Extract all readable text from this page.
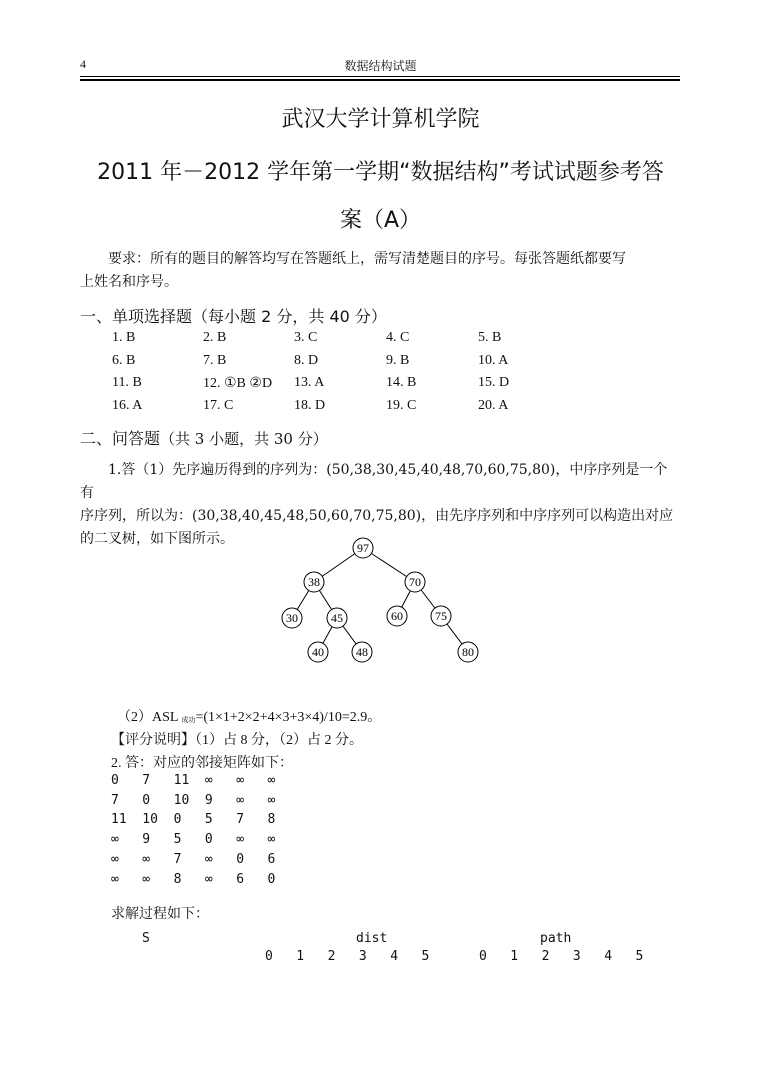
4	数据结构试题
武汉大学计算机学院
2011 年－2012 学年第一学期“数据结构”考试试题参考答
案（A）
要求：所有的题目的解答均写在答题纸上，需写清楚题目的序号。每张答题纸都要写
上姓名和序号。
一、单项选择题（每小题 2 分，共 40 分）
1. B	2. B	3. C	4. C	5. B
6. B	7. B	8. D	9. B	10. A
11. B	12. ①B ②D 13. A	14. B	15. D
16. A	17. C	18. D	19. C	20. A
二、问答题（共 3 小题，共 30 分）
1.答（1）先序遍历得到的序列为：(50,38,30,45,40,48,70,60,75,80)，中序序列是一个有
序序列，所以为：(30,38,40,45,48,50,60,70,75,80)，由先序序列和中序序列可以构造出对应
的二叉树，如下图所示。
97
38	70
30	45	60	75
40	48	80
（2）ASL 成功=(1×1+2×2+4×3+3×4)/10=2.9。
【评分说明】（1）占 8 分，（2）占 2 分。
2. 答：对应的邻接矩阵如下：
0   7   11  ∞   ∞   ∞
7   0   10  9   ∞   ∞
11  10  0   5   7   8
∞   9   5   0   ∞   ∞
∞   ∞   7   ∞   0   6
∞   ∞   8   ∞   6   0
求解过程如下：
S	dist	path
0   1   2   3   4   5	0   1   2   3   4   5
